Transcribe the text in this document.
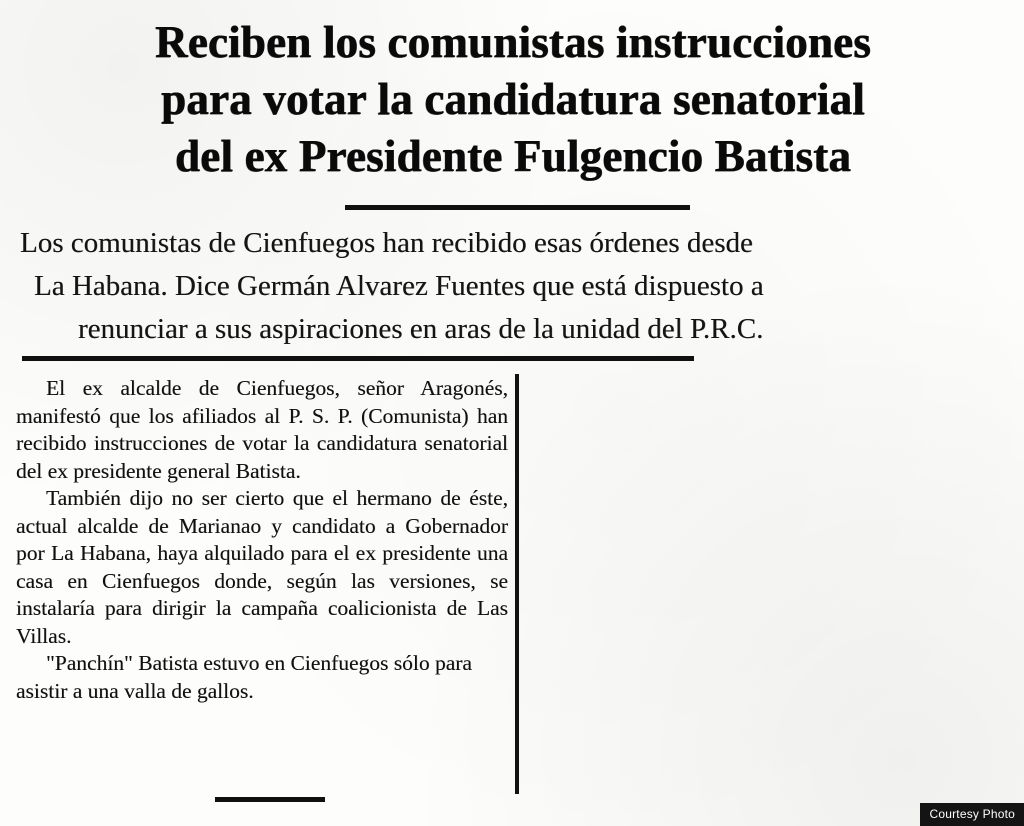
Reciben los comunistas instrucciones
para votar la candidatura senatorial
del ex Presidente Fulgencio Batista
Los comunistas de Cienfuegos han recibido esas órdenes desde
La Habana. Dice Germán Alvarez Fuentes que está dispuesto a
renunciar a sus aspiraciones en aras de la unidad del P.R.C.

El ex alcalde de Cienfuegos, señor Aragonés, manifestó que los afiliados al P. S. P. (Comunista) han recibido instrucciones de votar la candidatura senatorial del ex presidente general Batista.

También dijo no ser cierto que el hermano de éste, actual alcalde de Marianao y candidato a Gobernador por La Habana, haya alquilado para el ex presidente una casa en Cienfuegos donde, según las versiones, se instalaría para dirigir la campaña coalicionista de Las Villas.

"Panchín" Batista estuvo en Cienfuegos sólo para asistir a una valla de gallos.

Courtesy Photo
